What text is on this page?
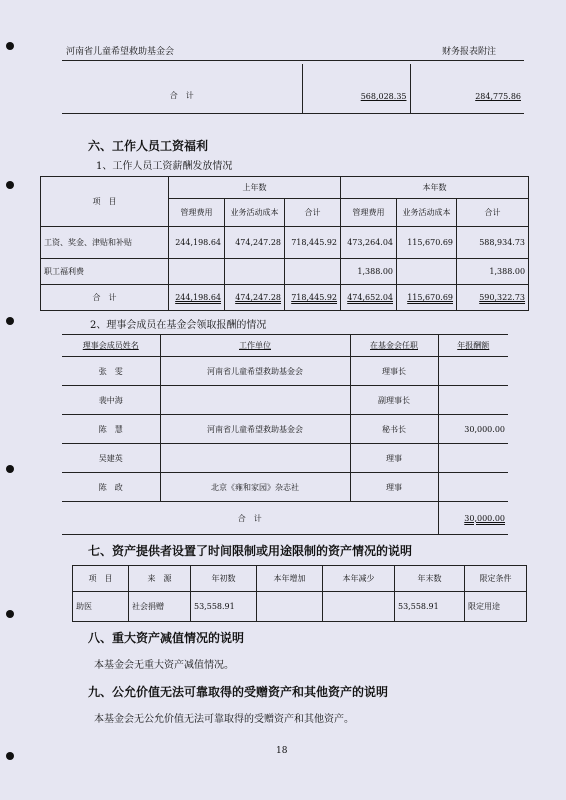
河南省儿童希望救助基金会	财务报表附注
合　计	568,028.35	284,775.86
六、工作人员工资福利
1、工作人员工资薪酬发放情况
项　目	上年数			本年数		
	管理费用	业务活动成本	合计	管理费用	业务活动成本	合计
工资、奖金、津贴和补贴	244,198.64	474,247.28	718,445.92	473,264.04	115,670.69	588,934.73
职工福利费				1,388.00		1,388.00
合　计	244,198.64	474,247.28	718,445.92	474,652.04	115,670.69	590,322.73
2、理事会成员在基金会领取报酬的情况
理事会成员姓名	工作单位	在基金会任职	年报酬额
张　雯	河南省儿童希望救助基金会	理事长	
裴中海		副理事长	
陈　慧	河南省儿童希望救助基金会	秘书长	30,000.00
吴建英		理事	
陈　政	北京《雍和家园》杂志社	理事	
合　计			30,000.00
七、资产提供者设置了时间限制或用途限制的资产情况的说明
项　目	来　源	年初数	本年增加	本年减少	年末数	限定条件
助医	社会捐赠	53,558.91			53,558.91	限定用途
八、重大资产减值情况的说明
本基金会无重大资产减值情况。
九、公允价值无法可靠取得的受赠资产和其他资产的说明
本基金会无公允价值无法可靠取得的受赠资产和其他资产。
18
